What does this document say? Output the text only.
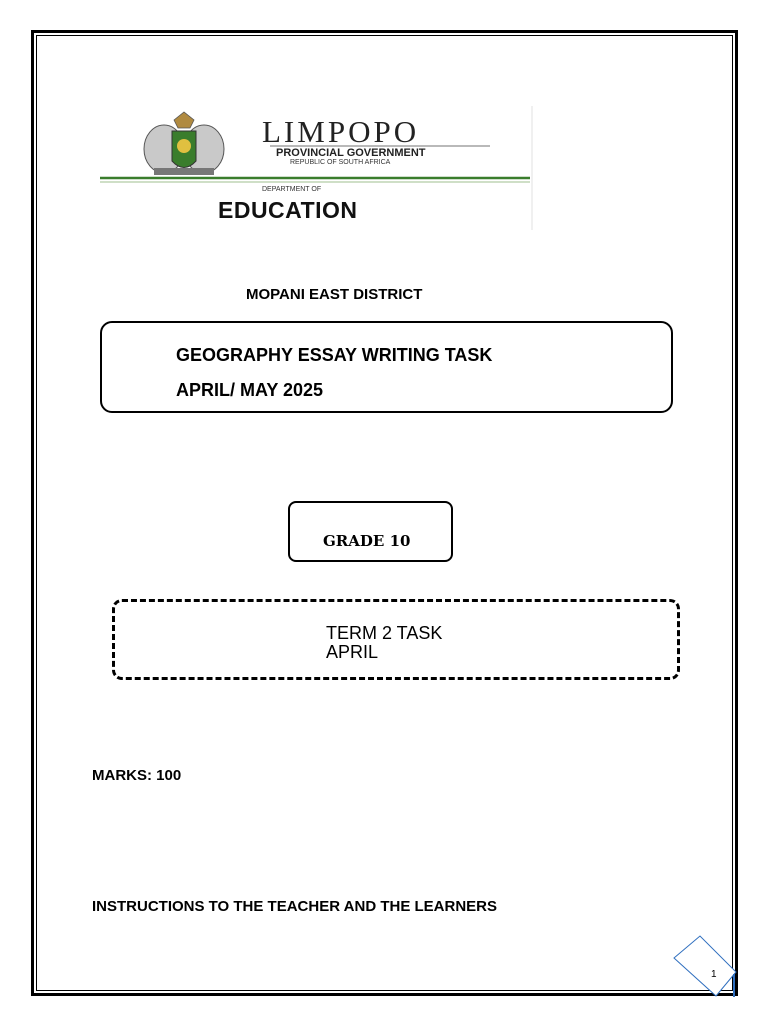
LIMPOPO
PROVINCIAL GOVERNMENT
REPUBLIC OF SOUTH AFRICA
DEPARTMENT OF
EDUCATION
MOPANI EAST DISTRICT
GEOGRAPHY ESSAY WRITING TASK
APRIL/ MAY 2025
GRADE 10
TERM 2 TASK
APRIL
MARKS: 100
INSTRUCTIONS TO THE TEACHER AND THE LEARNERS
1
